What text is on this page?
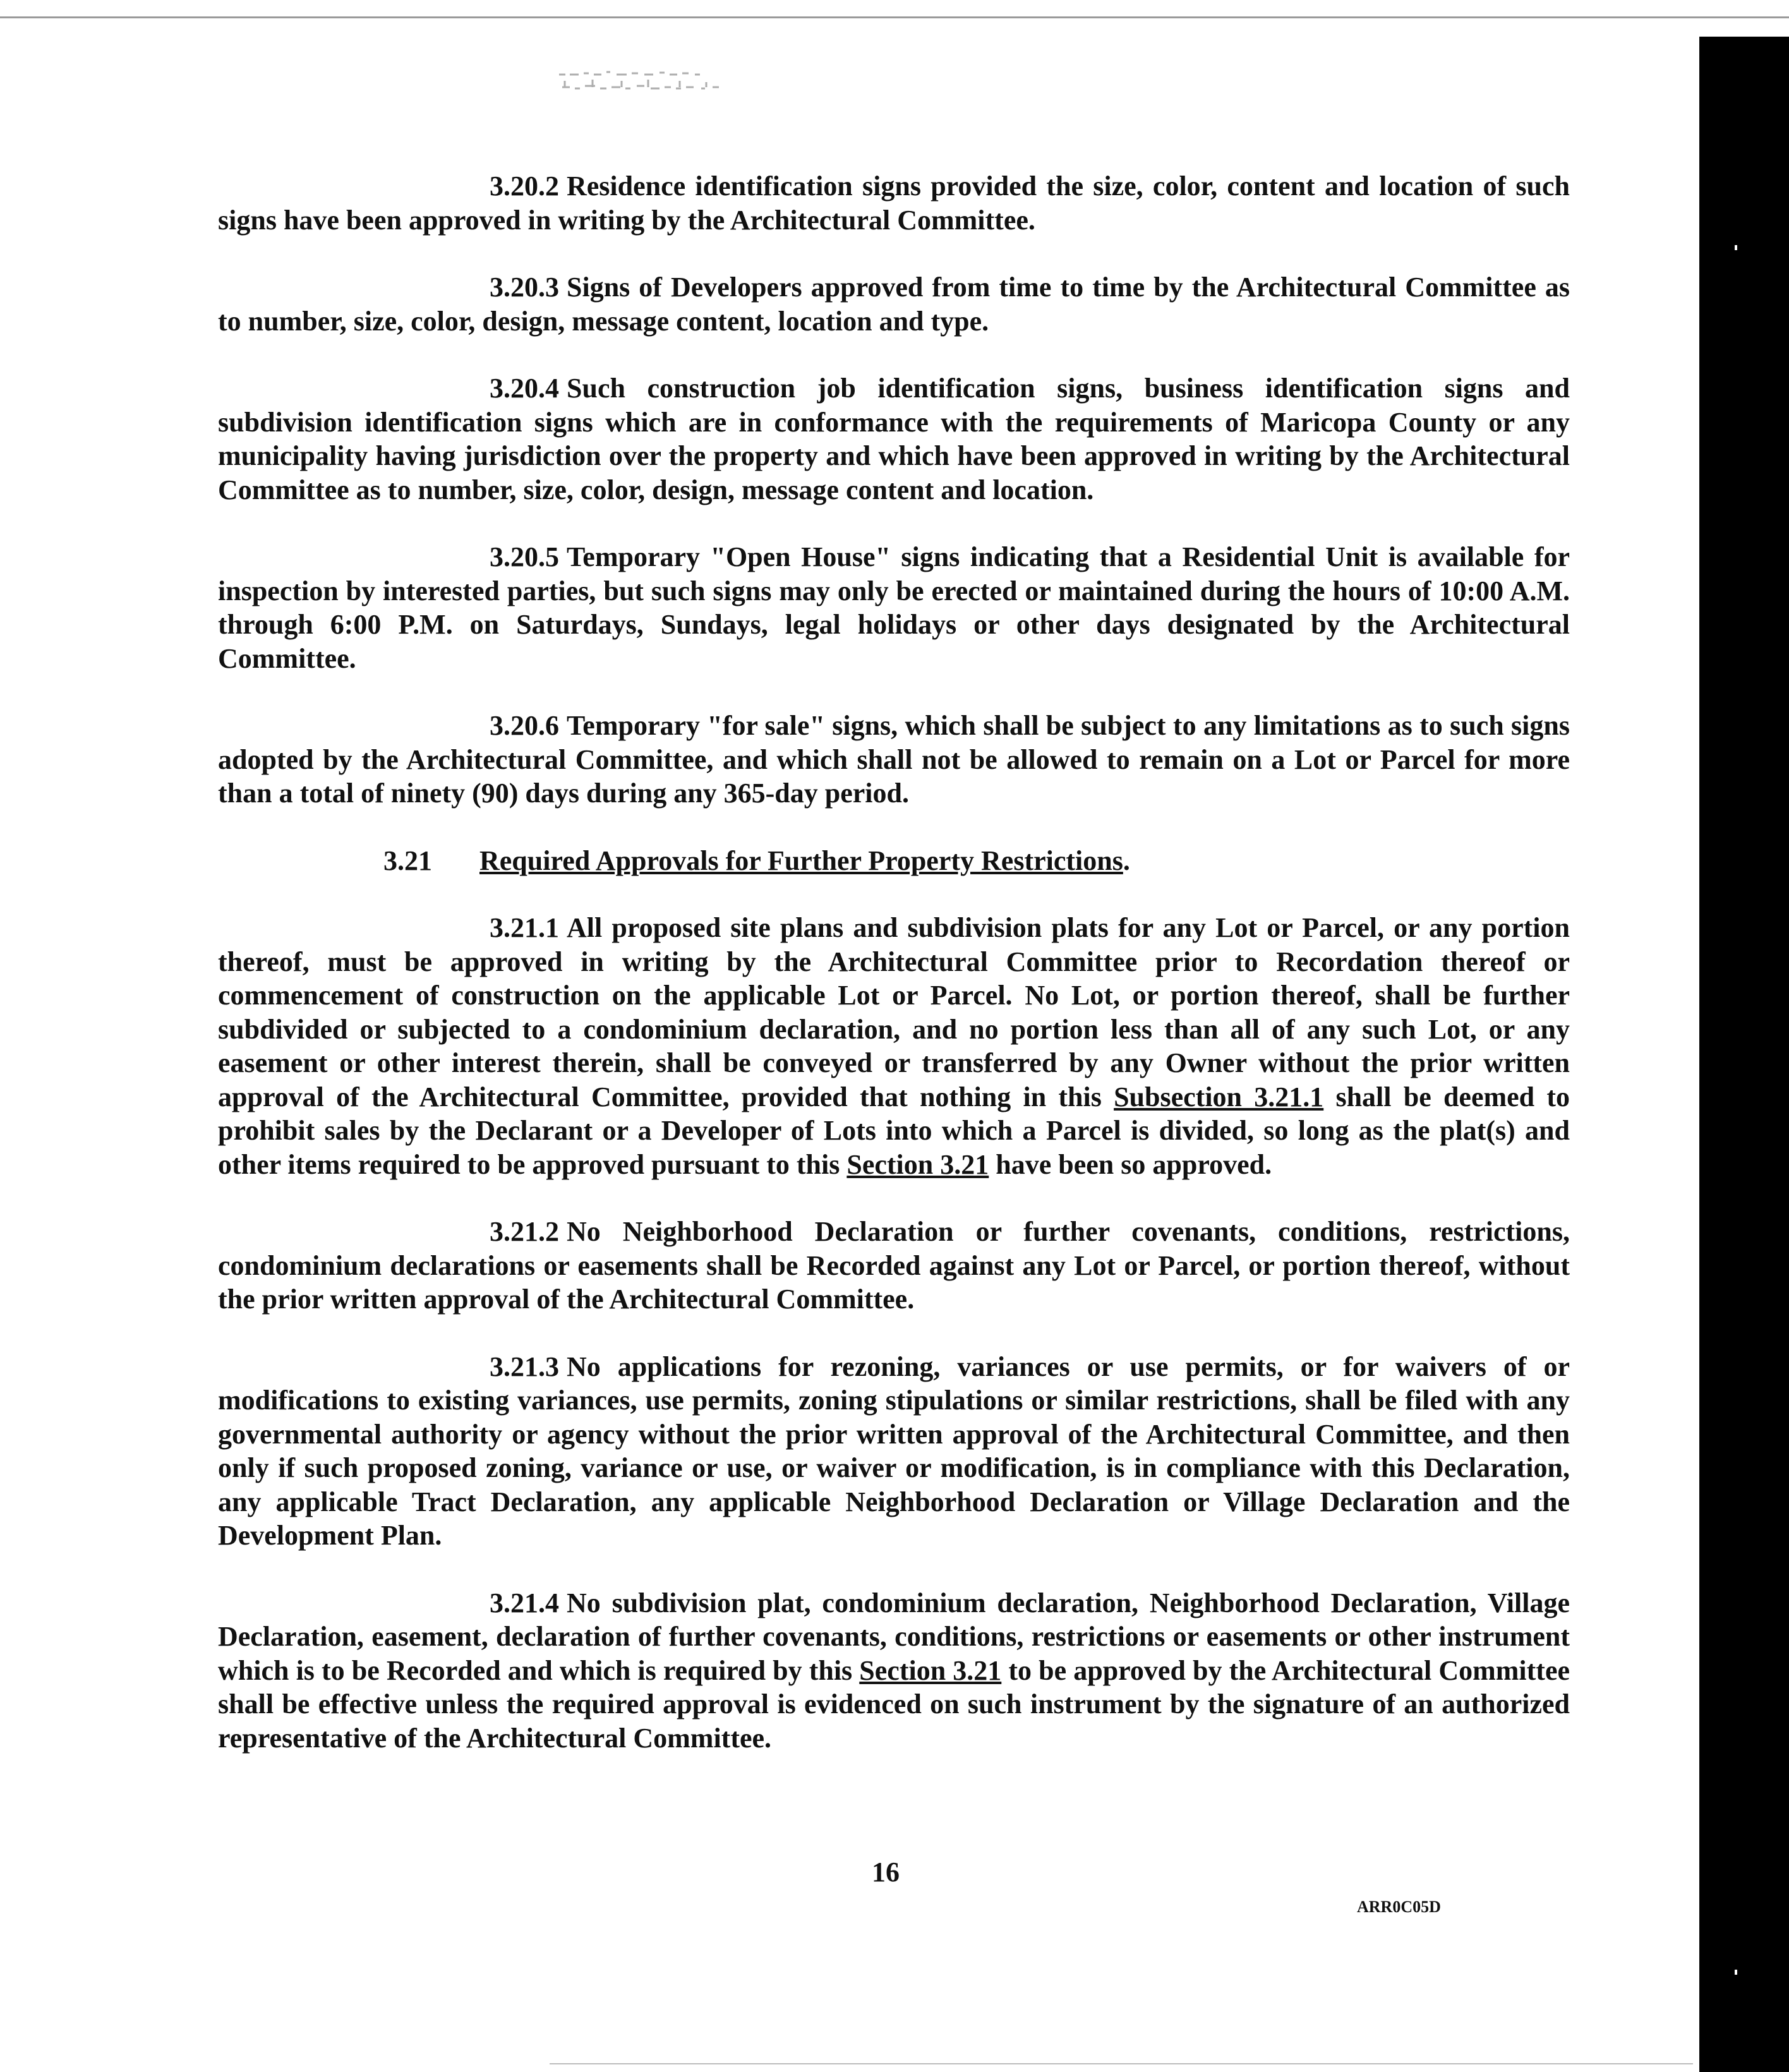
3.20.2 Residence identification signs provided the size, color, content and location of such signs have been approved in writing by the Architectural Committee.

3.20.3 Signs of Developers approved from time to time by the Architectural Committee as to number, size, color, design, message content, location and type.

3.20.4 Such construction job identification signs, business identification signs and subdivision identification signs which are in conformance with the requirements of Maricopa County or any municipality having jurisdiction over the property and which have been approved in writing by the Architectural Committee as to number, size, color, design, message content and location.

3.20.5 Temporary "Open House" signs indicating that a Residential Unit is available for inspection by interested parties, but such signs may only be erected or maintained during the hours of 10:00 A.M. through 6:00 P.M. on Saturdays, Sundays, legal holidays or other days designated by the Architectural Committee.

3.20.6 Temporary "for sale" signs, which shall be subject to any limitations as to such signs adopted by the Architectural Committee, and which shall not be allowed to remain on a Lot or Parcel for more than a total of ninety (90) days during any 365-day period.

3.21 Required Approvals for Further Property Restrictions.

3.21.1 All proposed site plans and subdivision plats for any Lot or Parcel, or any portion thereof, must be approved in writing by the Architectural Committee prior to Recordation thereof or commencement of construction on the applicable Lot or Parcel. No Lot, or portion thereof, shall be further subdivided or subjected to a condominium declaration, and no portion less than all of any such Lot, or any easement or other interest therein, shall be conveyed or transferred by any Owner without the prior written approval of the Architectural Committee, provided that nothing in this Subsection 3.21.1 shall be deemed to prohibit sales by the Declarant or a Developer of Lots into which a Parcel is divided, so long as the plat(s) and other items required to be approved pursuant to this Section 3.21 have been so approved.

3.21.2 No Neighborhood Declaration or further covenants, conditions, restrictions, condominium declarations or easements shall be Recorded against any Lot or Parcel, or portion thereof, without the prior written approval of the Architectural Committee.

3.21.3 No applications for rezoning, variances or use permits, or for waivers of or modifications to existing variances, use permits, zoning stipulations or similar restrictions, shall be filed with any governmental authority or agency without the prior written approval of the Architectural Committee, and then only if such proposed zoning, variance or use, or waiver or modification, is in compliance with this Declaration, any applicable Tract Declaration, any applicable Neighborhood Declaration or Village Declaration and the Development Plan.

3.21.4 No subdivision plat, condominium declaration, Neighborhood Declaration, Village Declaration, easement, declaration of further covenants, conditions, restrictions or easements or other instrument which is to be Recorded and which is required by this Section 3.21 to be approved by the Architectural Committee shall be effective unless the required approval is evidenced on such instrument by the signature of an authorized representative of the Architectural Committee.

16
ARR0C05D
